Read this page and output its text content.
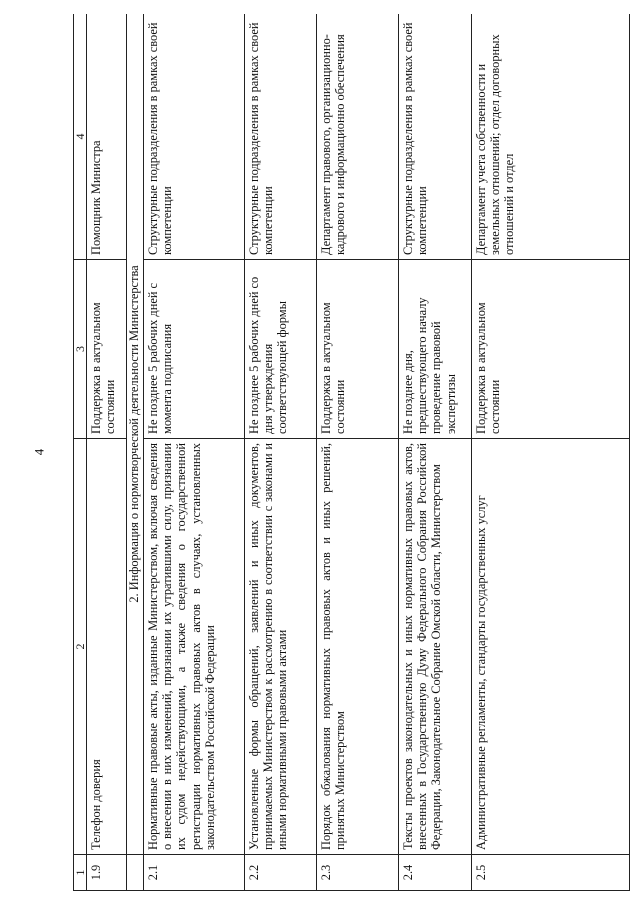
4
1	2	3	4
1.9	Телефон доверия	Поддержка в актуальном состоянии	Помощник Министра
	2. Информация о нормотворческой деятельности Министерства		
2.1	Нормативные правовые акты, изданные Министерством, включая сведения о внесении в них изменений, признании их утратившими силу, признании их судом недействующими, а также сведения о государственной регистрации нормативных правовых актов в случаях, установленных законодательством Российской Федерации	Не позднее 5 рабочих дней с момента подписания	Структурные подразделения в рамках своей компетенции
2.2	Установленные формы обращений, заявлений и иных документов, принимаемых Министерством к рассмотрению в соответствии с законами и иными нормативными правовыми актами	Не позднее 5 рабочих дней со дня утверждения соответствующей формы	Структурные подразделения в рамках своей компетенции
2.3	Порядок обжалования нормативных правовых актов и иных решений, принятых Министерством	Поддержка в актуальном состоянии	Департамент правового, организационно-кадрового и информационно обеспечения
2.4	Тексты проектов законодательных и иных нормативных правовых актов, внесенных в Государственную Думу Федерального Собрания Российской Федерации, Законодательное Собрание Омской области, Министерством	Не позднее дня, предшествующего началу проведение правовой экспертизы	Структурные подразделения в рамках своей компетенции
2.5	Административные регламенты, стандарты государственных услуг	Поддержка в актуальном состоянии	Департамент учета собственности и земельных отношений; отдел договорных отношений и отдел
